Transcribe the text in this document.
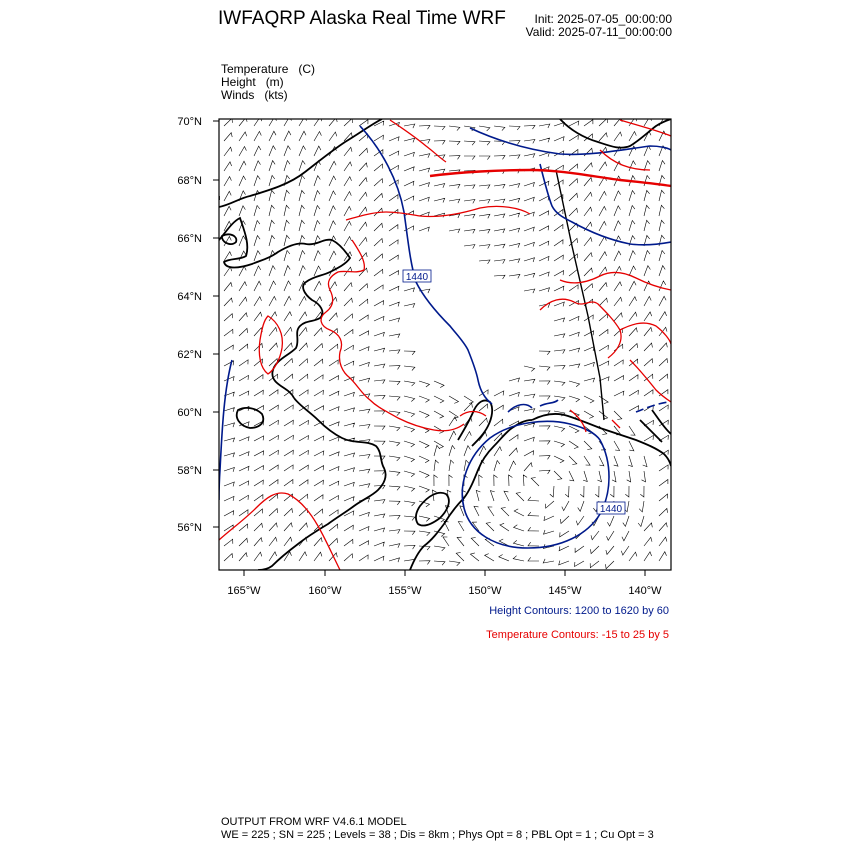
IWFAQRP Alaska Real Time WRF	Init: 2025-07-05_00:00:00
Valid: 2025-07-11_00:00:00
Temperature   (C)
Height   (m)
Winds   (kts)
1440
1440
70°N
68°N
66°N
64°N
62°N
60°N
58°N
56°N
165°W	160°W	155°W	150°W	145°W	140°W
Height Contours: 1200 to 1620 by 60
Temperature Contours: -15 to 25 by 5
OUTPUT FROM WRF V4.6.1 MODEL
WE = 225 ; SN = 225 ; Levels = 38 ; Dis = 8km ; Phys Opt = 8 ; PBL Opt = 1 ; Cu Opt = 3
